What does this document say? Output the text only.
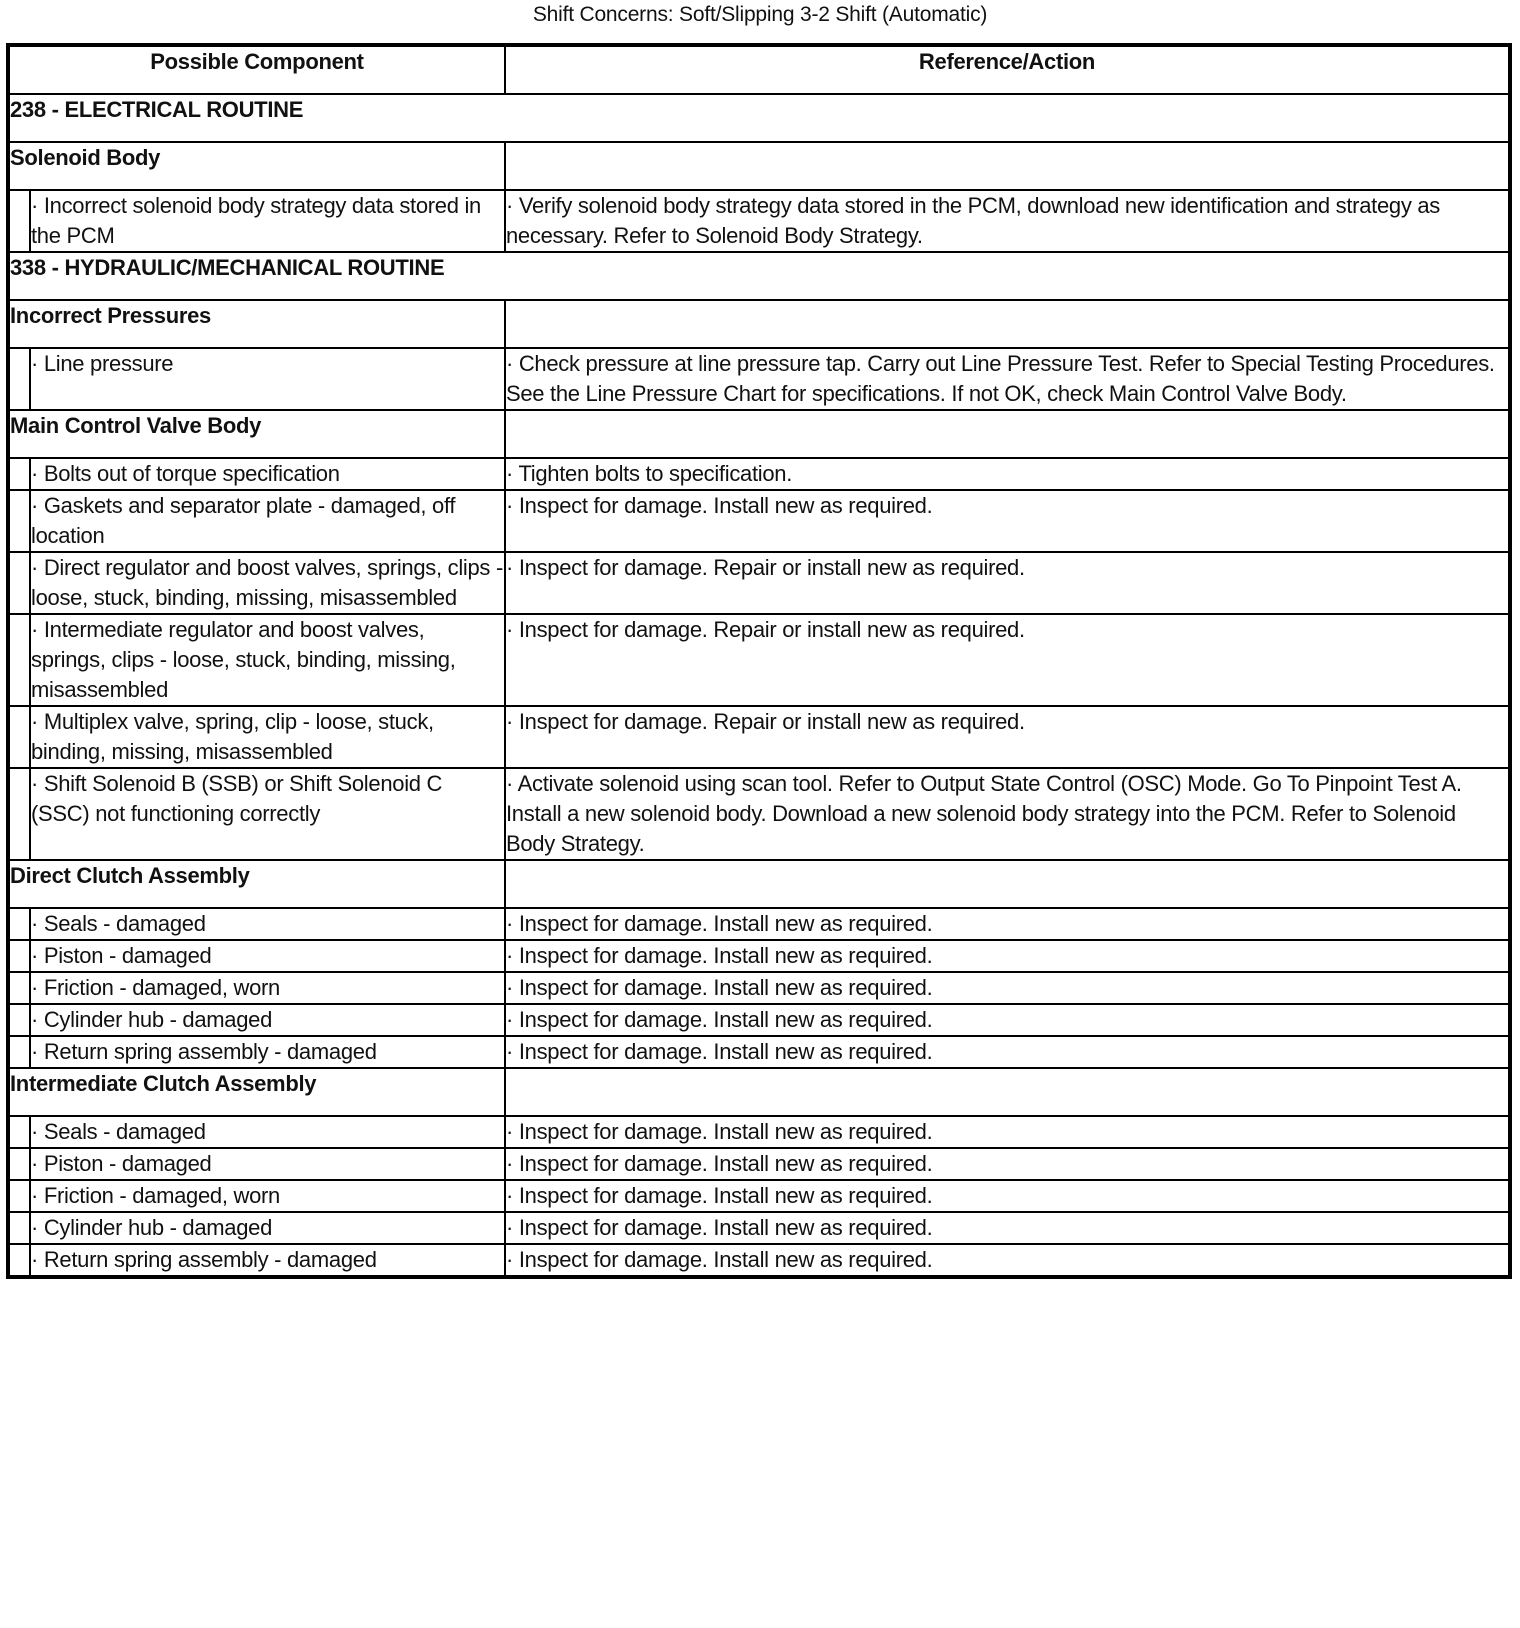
Shift Concerns: Soft/Slipping 3-2 Shift (Automatic)
Possible Component		Reference/Action
238 - ELECTRICAL ROUTINE		
Solenoid Body		
	· Incorrect solenoid body strategy data stored in the PCM	· Verify solenoid body strategy data stored in the PCM, download new identification and strategy as necessary. Refer to Solenoid Body Strategy.
338 - HYDRAULIC/MECHANICAL ROUTINE		
Incorrect Pressures		
	· Line pressure	· Check pressure at line pressure tap. Carry out Line Pressure Test. Refer to Special Testing Procedures. See the Line Pressure Chart for specifications. If not OK, check Main Control Valve Body.
Main Control Valve Body		
	· Bolts out of torque specification	· Tighten bolts to specification.
	· Gaskets and separator plate - damaged, off location	· Inspect for damage. Install new as required.
	· Direct regulator and boost valves, springs, clips - loose, stuck, binding, missing, misassembled	· Inspect for damage. Repair or install new as required.
	· Intermediate regulator and boost valves, springs, clips - loose, stuck, binding, missing, misassembled	· Inspect for damage. Repair or install new as required.
	· Multiplex valve, spring, clip - loose, stuck, binding, missing, misassembled	· Inspect for damage. Repair or install new as required.
	· Shift Solenoid B (SSB) or Shift Solenoid C (SSC) not functioning correctly	· Activate solenoid using scan tool. Refer to Output State Control (OSC) Mode. Go To Pinpoint Test A. Install a new solenoid body. Download a new solenoid body strategy into the PCM. Refer to Solenoid Body Strategy.
Direct Clutch Assembly		
	· Seals - damaged	· Inspect for damage. Install new as required.
	· Piston - damaged	· Inspect for damage. Install new as required.
	· Friction - damaged, worn	· Inspect for damage. Install new as required.
	· Cylinder hub - damaged	· Inspect for damage. Install new as required.
	· Return spring assembly - damaged	· Inspect for damage. Install new as required.
Intermediate Clutch Assembly		
	· Seals - damaged	· Inspect for damage. Install new as required.
	· Piston - damaged	· Inspect for damage. Install new as required.
	· Friction - damaged, worn	· Inspect for damage. Install new as required.
	· Cylinder hub - damaged	· Inspect for damage. Install new as required.
	· Return spring assembly - damaged	· Inspect for damage. Install new as required.
